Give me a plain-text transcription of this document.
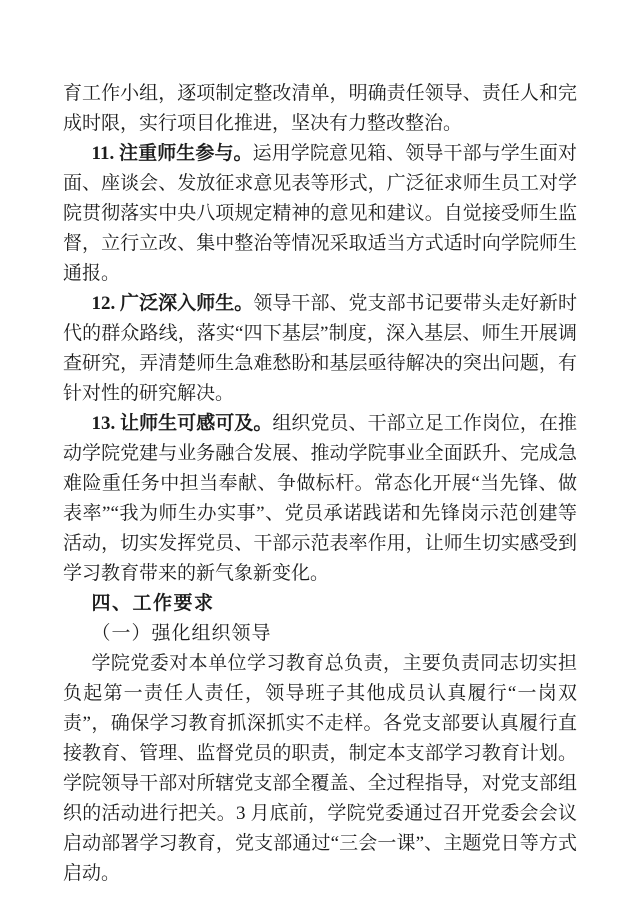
育工作小组，逐项制定整改清单，明确责任领导、责任人和完成时限，实行项目化推进，坚决有力整改整治。

11. 注重师生参与。运用学院意见箱、领导干部与学生面对面、座谈会、发放征求意见表等形式，广泛征求师生员工对学院贯彻落实中央八项规定精神的意见和建议。自觉接受师生监督，立行立改、集中整治等情况采取适当方式适时向学院师生通报。

12. 广泛深入师生。领导干部、党支部书记要带头走好新时代的群众路线，落实“四下基层”制度，深入基层、师生开展调查研究，弄清楚师生急难愁盼和基层亟待解决的突出问题，有针对性的研究解决。

13. 让师生可感可及。组织党员、干部立足工作岗位，在推动学院党建与业务融合发展、推动学院事业全面跃升、完成急难险重任务中担当奉献、争做标杆。常态化开展“当先锋、做表率”“我为师生办实事”、党员承诺践诺和先锋岗示范创建等活动，切实发挥党员、干部示范表率作用，让师生切实感受到学习教育带来的新气象新变化。

四、工作要求

（一）强化组织领导

学院党委对本单位学习教育总负责，主要负责同志切实担负起第一责任人责任，领导班子其他成员认真履行“一岗双责”，确保学习教育抓深抓实不走样。各党支部要认真履行直接教育、管理、监督党员的职责，制定本支部学习教育计划。学院领导干部对所辖党支部全覆盖、全过程指导，对党支部组织的活动进行把关。3 月底前，学院党委通过召开党委会会议启动部署学习教育，党支部通过“三会一课”、主题党日等方式启动。
